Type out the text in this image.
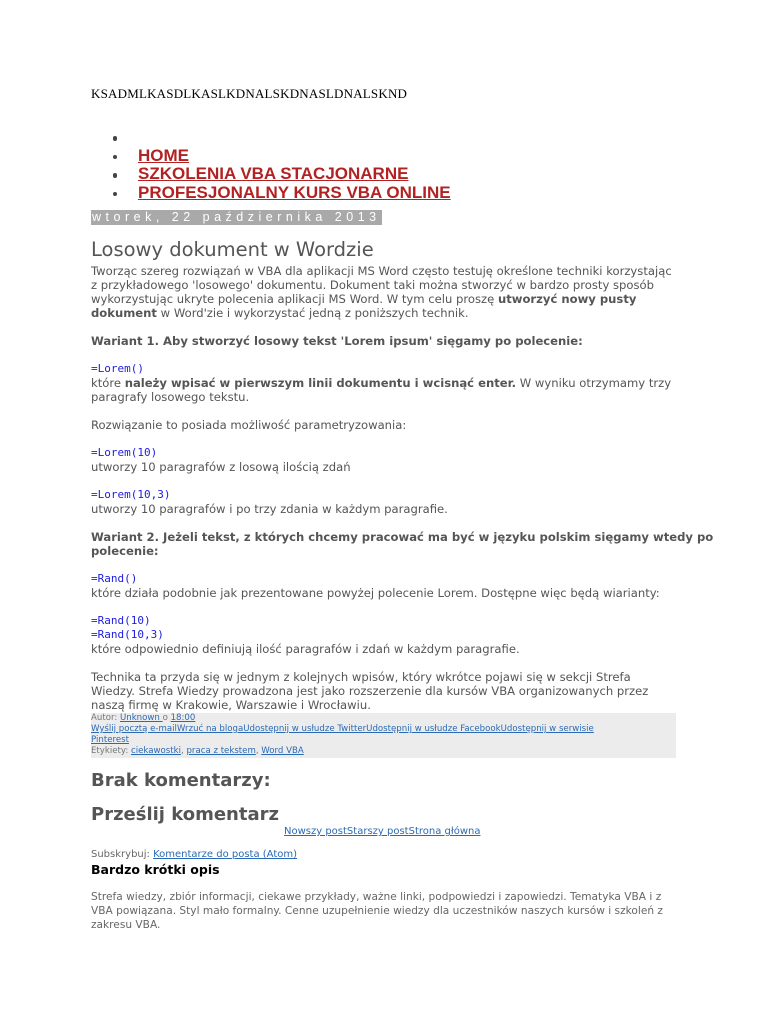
KSADMLKASDLKASLKDNALSKDNASLDNALSKND
HOME
SZKOLENIA VBA STACJONARNE
PROFESJONALNY KURS VBA ONLINE
wtorek, 22 października 2013
Losowy dokument w Wordzie

Tworząc szereg rozwiązań w VBA dla aplikacji MS Word często testuję określone techniki korzystając

z przykładowego 'losowego' dokumentu. Dokument taki można stworzyć w bardzo prosty sposób

wykorzystując ukryte polecenia aplikacji MS Word. W tym celu proszę utworzyć nowy pusty

dokument w Word'zie i wykorzystać jedną z poniższych technik.

Wariant 1. Aby stworzyć losowy tekst 'Lorem ipsum' sięgamy po polecenie:

=Lorem()

które należy wpisać w pierwszym linii dokumentu i wcisnąć enter. W wyniku otrzymamy trzy

paragrafy losowego tekstu.

Rozwiązanie to posiada możliwość parametryzowania:

=Lorem(10)

utworzy 10 paragrafów z losową ilością zdań

=Lorem(10,3)

utworzy 10 paragrafów i po trzy zdania w każdym paragrafie.

Wariant 2. Jeżeli tekst, z których chcemy pracować ma być w języku polskim sięgamy wtedy po

polecenie:

=Rand()

które działa podobnie jak prezentowane powyżej polecenie Lorem. Dostępne więc będą wiarianty:

=Rand(10)
=Rand(10,3)

które odpowiednio definiują ilość paragrafów i zdań w każdym paragrafie.

Technika ta przyda się w jednym z kolejnych wpisów, który wkrótce pojawi się w sekcji Strefa

Wiedzy. Strefa Wiedzy prowadzona jest jako rozszerzenie dla kursów VBA organizowanych przez

naszą firmę w Krakowie, Warszawie i Wrocławiu.

Autor: Unknown o 18:00
Wyślij pocztą e-mailWrzuć na blogaUdostępnij w usłudze TwitterUdostępnij w usłudze FacebookUdostępnij w serwisie
Pinterest
Etykiety: ciekawostki, praca z tekstem, Word VBA
Brak komentarzy:
Prześlij komentarz
Nowszy postStarszy postStrona główna
Subskrybuj: Komentarze do posta (Atom)
Bardzo krótki opis

Strefa wiedzy, zbiór informacji, ciekawe przykłady, ważne linki, podpowiedzi i zapowiedzi. Tematyka VBA i z VBA powiązana. Styl mało formalny. Cenne uzupełnienie wiedzy dla uczestników naszych kursów i szkoleń z zakresu VBA.
